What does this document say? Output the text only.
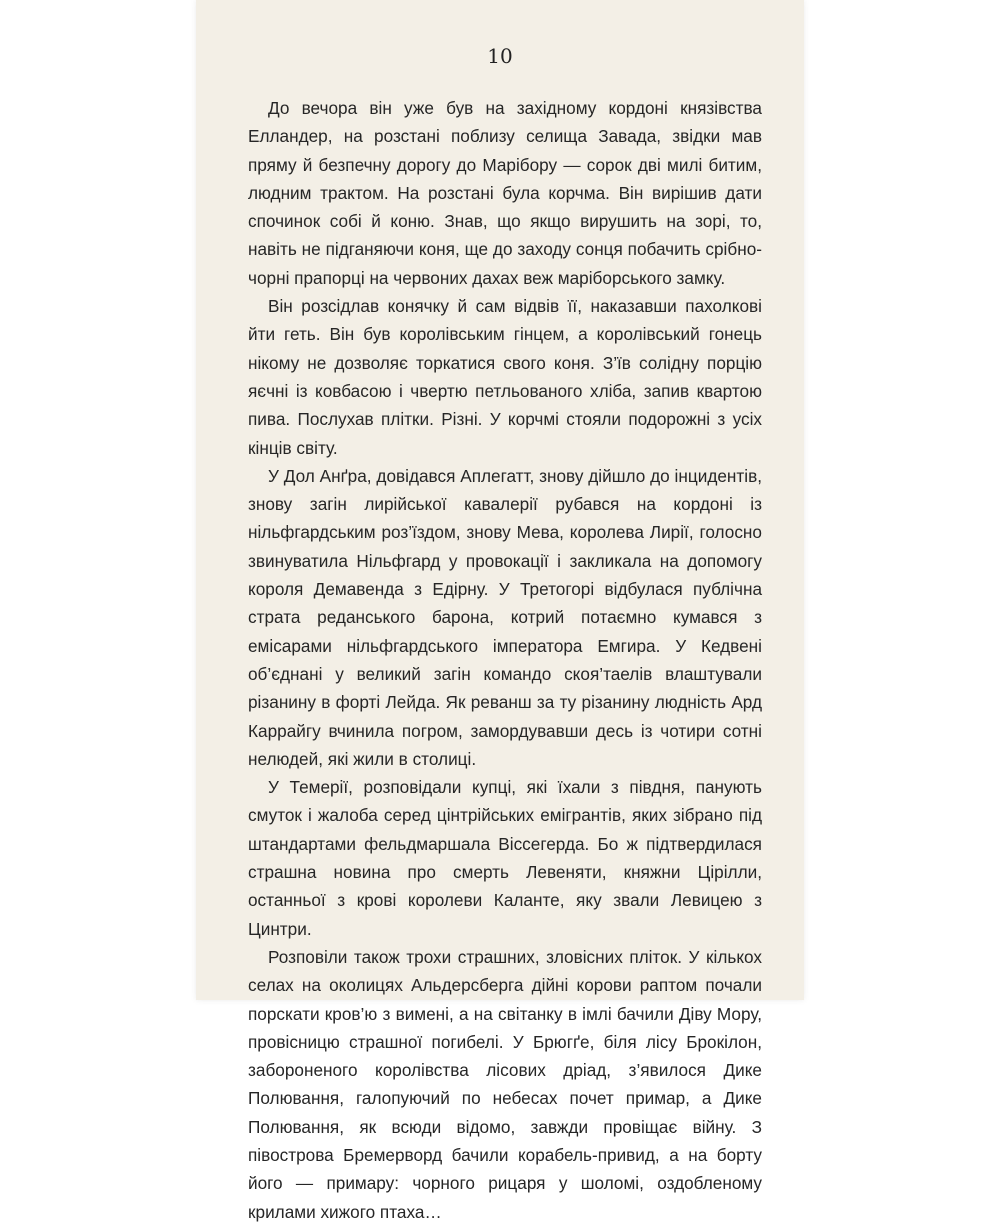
10

До вечора він уже був на західному кордоні князівства Елландер, на розстані поблизу селища Завада, звідки мав пряму й безпечну дорогу до Марібору — сорок дві милі битим, людним трактом. На розстані була корчма. Він вирішив дати спочинок собі й коню. Знав, що якщо вирушить на зорі, то, навіть не підганяючи коня, ще до заходу сонця побачить срібно-чорні прапорці на червоних дахах веж маріборського замку.

Він розсідлав конячку й сам відвів її, наказавши пахолкові йти геть. Він був королівським гінцем, а королівський гонець нікому не дозволяє торкатися свого коня. З’їв солідну порцію яєчні із ковбасою і чвертю петльованого хліба, запив квартою пива. Послухав плітки. Різні. У корчмі стояли подорожні з усіх кінців світу.

У Дол Анґра, довідався Аплегатт, знову дійшло до інцидентів, знову загін лирійської кавалерії рубався на кордоні із нільфгардським роз’їздом, знову Мева, королева Лирії, голосно звинуватила Нільфгард у провокації і закликала на допомогу короля Демавенда з Едірну. У Третогорі відбулася публічна страта реданського барона, котрий потаємно кумався з емісарами нільфгардського імператора Емгира. У Кедвені об’єднані у великий загін командо скоя’таелів влаштували різанину в форті Лейда. Як реванш за ту різанину людність Ард Каррайгу вчинила погром, замордувавши десь із чотири сотні нелюдей, які жили в столиці.

У Темерії, розповідали купці, які їхали з півдня, панують смуток і жалоба серед цінтрійських емігрантів, яких зібрано під штандартами фельдмаршала Віссегерда. Бо ж підтвердилася страшна новина про смерть Левеняти, княжни Цірілли, останньої з крові королеви Каланте, яку звали Левицею з Цинтри.

Розповіли також трохи страшних, зловісних пліток. У кількох селах на околицях Альдерсберга дійні корови раптом почали порскати кров’ю з вимені, а на світанку в імлі бачили Діву Мору, провісницю страшної погибелі. У Брюгґе, біля лісу Брокілон, забороненого королівства лісових дріад, з’явилося Дике Полювання, галопуючий по небесах почет примар, а Дике Полювання, як всюди відомо, завжди провіщає війну. З півострова Бремерворд бачили корабель-привид, а на борту його — примару: чорного рицаря у шоломі, оздобленому крилами хижого птаха…
